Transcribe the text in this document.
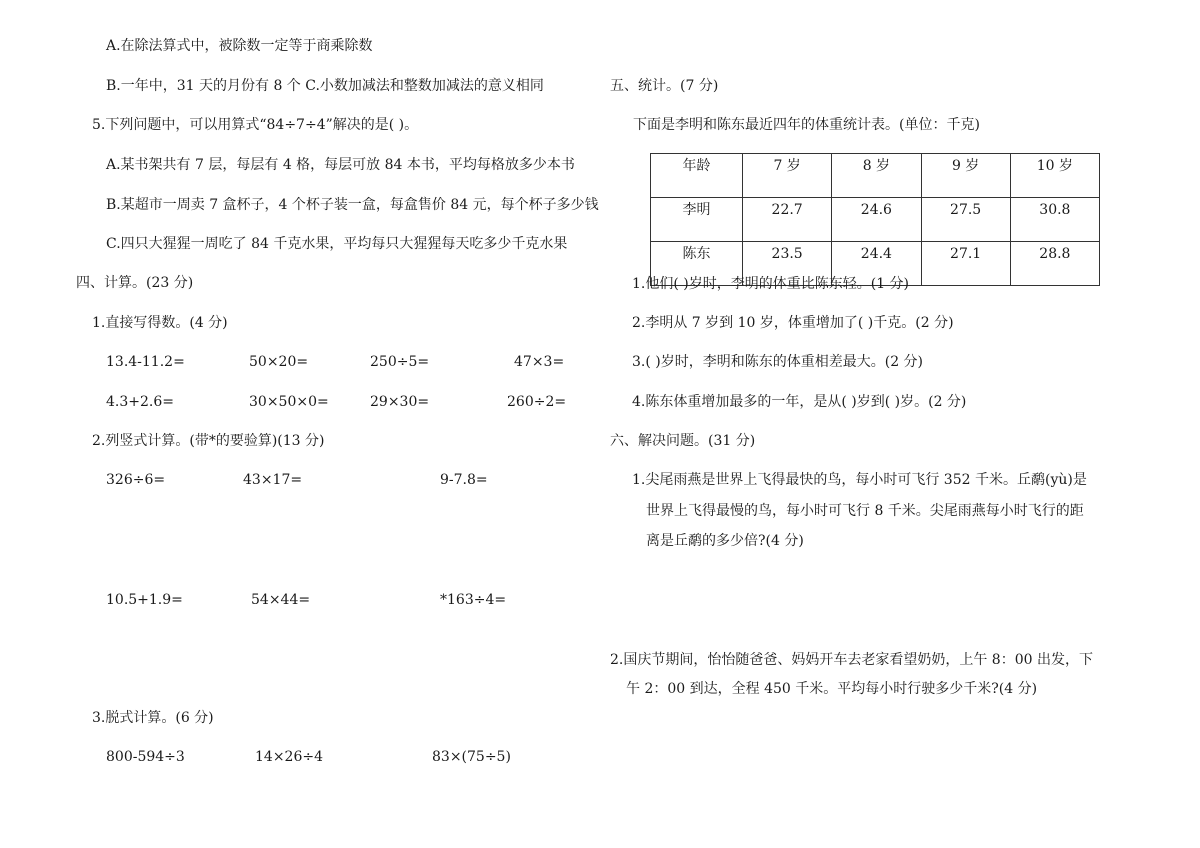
A.在除法算式中，被除数一定等于商乘除数
B.一年中，31 天的月份有 8 个 C.小数加减法和整数加减法的意义相同
5.下列问题中，可以用算式“84÷7÷4”解决的是( )。
A.某书架共有 7 层，每层有 4 格，每层可放 84 本书，平均每格放多少本书
B.某超市一周卖 7 盒杯子，4 个杯子装一盒，每盒售价 84 元，每个杯子多少钱
C.四只大猩猩一周吃了 84 千克水果，平均每只大猩猩每天吃多少千克水果
四、计算。(23 分)
1.直接写得数。(4 分)
13.4-11.2=	50×20=	250÷5=	47×3=
4.3+2.6=	30×50×0=	29×30=	260÷2=
2.列竖式计算。(带*的要验算)(13 分)
326÷6=	43×17=	9-7.8=
10.5+1.9=	54×44=	*163÷4=
3.脱式计算。(6 分)
800-594÷3	14×26÷4	83×(75÷5)
五、统计。(7 分)
下面是李明和陈东最近四年的体重统计表。(单位：千克)
年龄	7 岁	8 岁	9 岁	10 岁
李明	22.7	24.6	27.5	30.8
陈东	23.5	24.4	27.1	28.8
1.他们( )岁时，李明的体重比陈东轻。(1 分)
2.李明从 7 岁到 10 岁，体重增加了( )千克。(2 分)
3.( )岁时，李明和陈东的体重相差最大。(2 分)
4.陈东体重增加最多的一年，是从( )岁到( )岁。(2 分)
六、解决问题。(31 分)
1.尖尾雨燕是世界上飞得最快的鸟，每小时可飞行 352 千米。丘鹬(yù)是
世界上飞得最慢的鸟，每小时可飞行 8 千米。尖尾雨燕每小时飞行的距
离是丘鹬的多少倍?(4 分)
2.国庆节期间，怡怡随爸爸、妈妈开车去老家看望奶奶，上午 8：00 出发，下
午 2：00 到达，全程 450 千米。平均每小时行驶多少千米?(4 分)
